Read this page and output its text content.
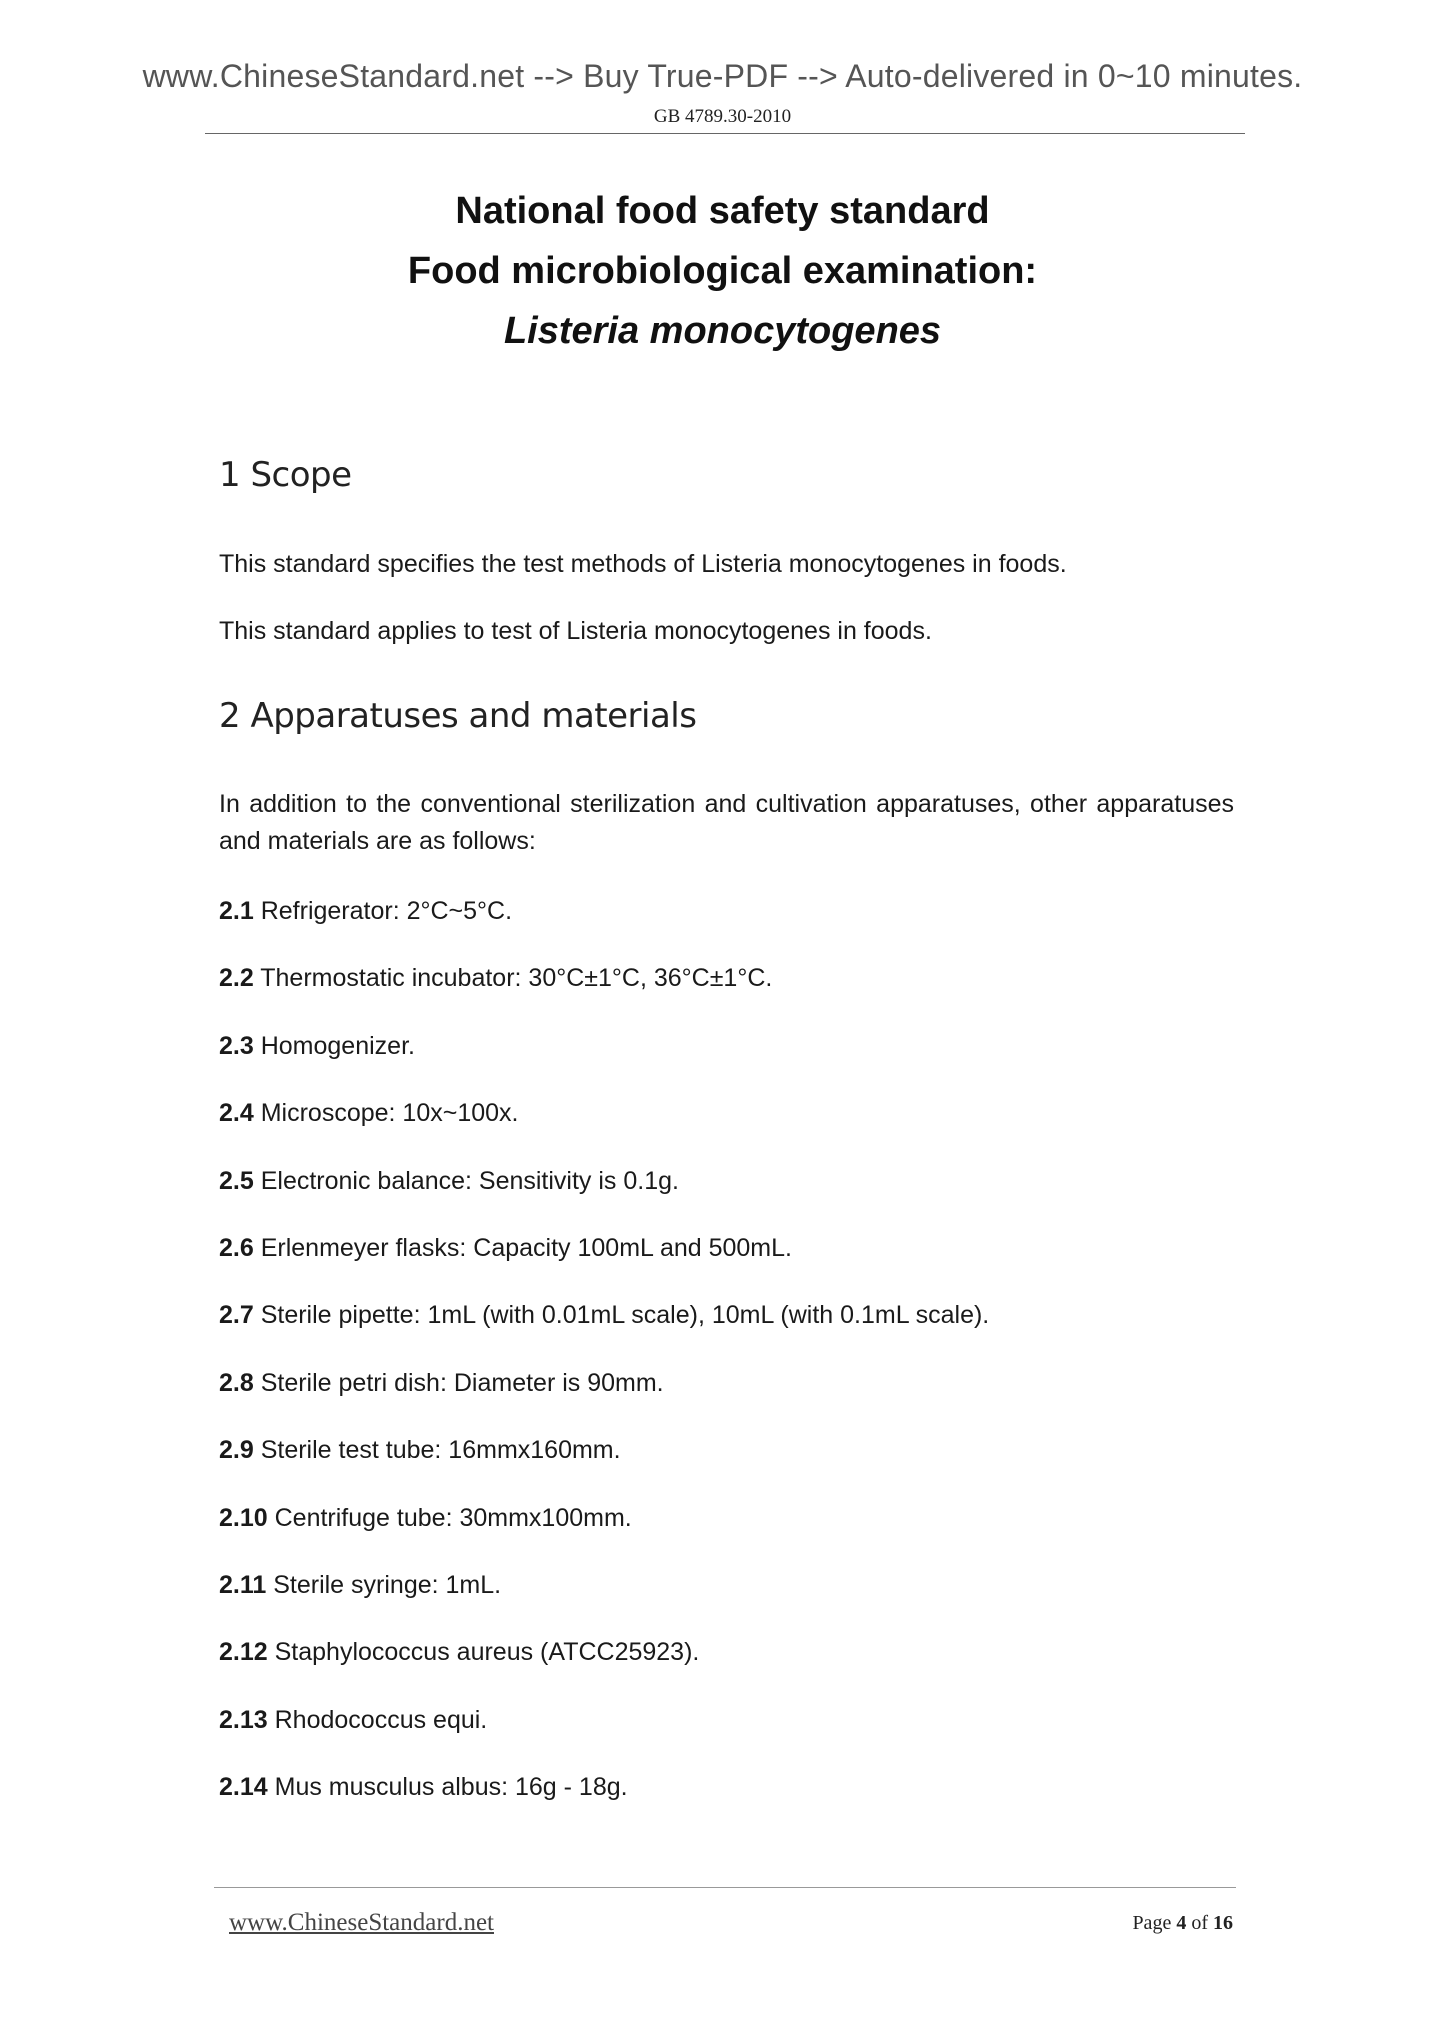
www.ChineseStandard.net --> Buy True-PDF --> Auto-delivered in 0~10 minutes.
GB 4789.30-2010
National food safety standard
Food microbiological examination:
Listeria monocytogenes
1 Scope
This standard specifies the test methods of Listeria monocytogenes in foods.
This standard applies to test of Listeria monocytogenes in foods.
2 Apparatuses and materials
In addition to the conventional sterilization and cultivation apparatuses, other apparatuses and materials are as follows:
2.1 Refrigerator: 2°C~5°C.
2.2 Thermostatic incubator: 30°C±1°C, 36°C±1°C.
2.3 Homogenizer.
2.4 Microscope: 10x~100x.
2.5 Electronic balance: Sensitivity is 0.1g.
2.6 Erlenmeyer flasks: Capacity 100mL and 500mL.
2.7 Sterile pipette: 1mL (with 0.01mL scale), 10mL (with 0.1mL scale).
2.8 Sterile petri dish: Diameter is 90mm.
2.9 Sterile test tube: 16mmx160mm.
2.10 Centrifuge tube: 30mmx100mm.
2.11 Sterile syringe: 1mL.
2.12 Staphylococcus aureus (ATCC25923).
2.13 Rhodococcus equi.
2.14 Mus musculus albus: 16g - 18g.
www.ChineseStandard.net	Page 4 of 16
